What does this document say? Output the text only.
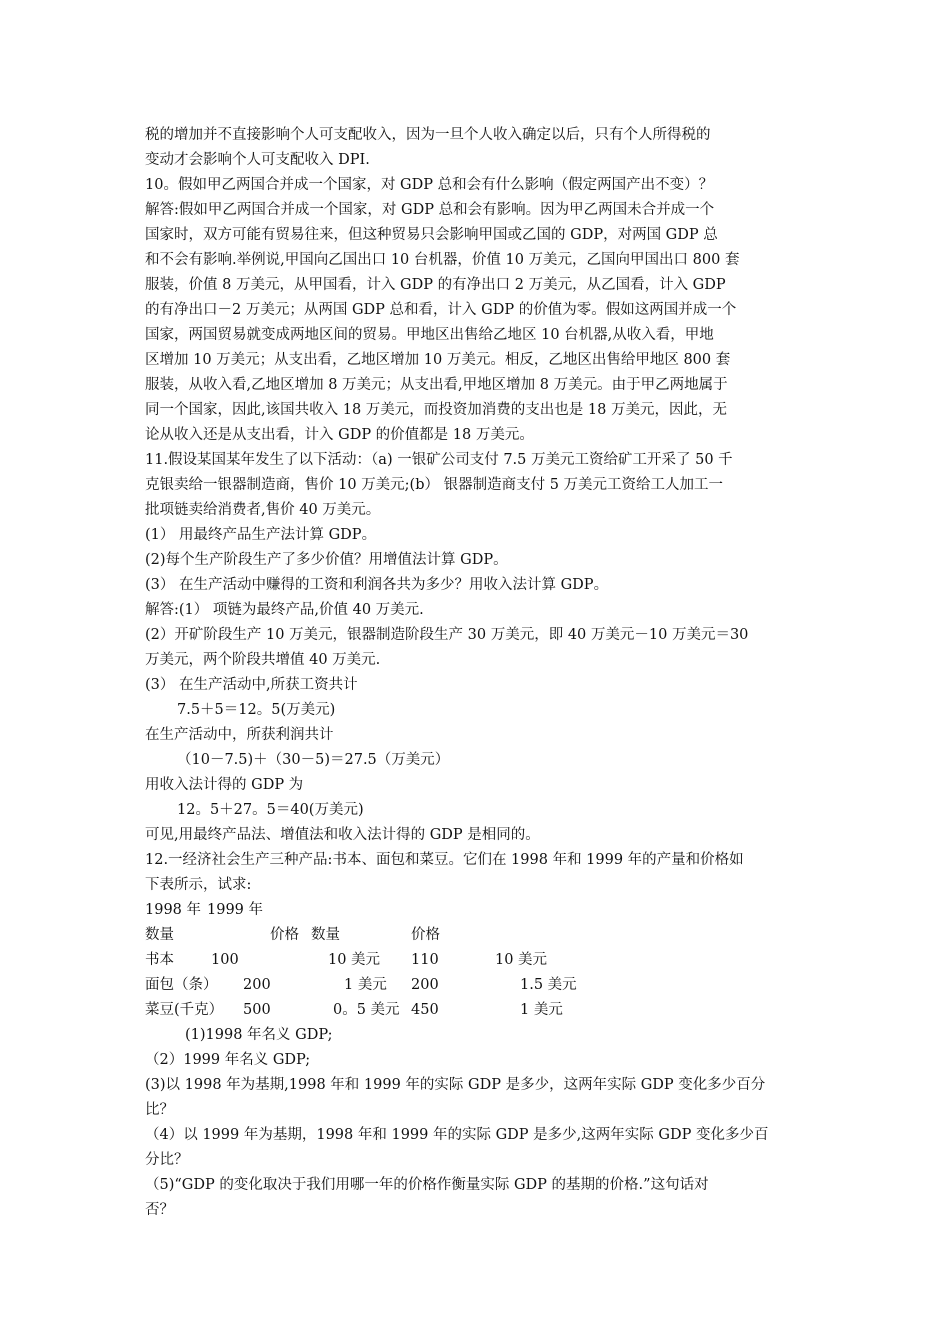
税的增加并不直接影响个人可支配收入，因为一旦个人收入确定以后，只有个人所得税的
变动才会影响个人可支配收入 DPI.
10。假如甲乙两国合并成一个国家，对 GDP 总和会有什么影响（假定两国产出不变）？
解答:假如甲乙两国合并成一个国家，对 GDP 总和会有影响。因为甲乙两国未合并成一个
国家时，双方可能有贸易往来，但这种贸易只会影响甲国或乙国的 GDP，对两国 GDP 总
和不会有影响.举例说,甲国向乙国出口 10 台机器，价值 10 万美元，乙国向甲国出口 800 套
服装，价值 8 万美元，从甲国看，计入 GDP 的有净出口 2 万美元，从乙国看，计入 GDP
的有净出口－2 万美元；从两国 GDP 总和看，计入 GDP 的价值为零。假如这两国并成一个
国家，两国贸易就变成两地区间的贸易。甲地区出售给乙地区 10 台机器,从收入看，甲地
区增加 10 万美元；从支出看，乙地区增加 10 万美元。相反，乙地区出售给甲地区 800 套
服装，从收入看,乙地区增加 8 万美元；从支出看,甲地区增加 8 万美元。由于甲乙两地属于
同一个国家，因此,该国共收入 18 万美元，而投资加消费的支出也是 18 万美元，因此，无
论从收入还是从支出看，计入 GDP 的价值都是 18 万美元。
11.假设某国某年发生了以下活动：（a) 一银矿公司支付 7.5 万美元工资给矿工开采了 50 千
克银卖给一银器制造商，售价 10 万美元;(b） 银器制造商支付 5 万美元工资给工人加工一
批项链卖给消费者,售价 40 万美元。
(1） 用最终产品生产法计算 GDP。
(2)每个生产阶段生产了多少价值？用增值法计算 GDP。
(3） 在生产活动中赚得的工资和利润各共为多少？用收入法计算 GDP。
解答:(1） 项链为最终产品,价值 40 万美元.
(2）开矿阶段生产 10 万美元，银器制造阶段生产 30 万美元，即 40 万美元－10 万美元＝30
万美元，两个阶段共增值 40 万美元.
(3） 在生产活动中,所获工资共计
7.5＋5＝12。5(万美元)
在生产活动中，所获利润共计
（10－7.5)＋（30－5)＝27.5（万美元）
用收入法计得的 GDP 为
12。5＋27。5＝40(万美元)
可见,用最终产品法、增值法和收入法计得的 GDP 是相同的。
12.一经济社会生产三种产品:书本、面包和菜豆。它们在 1998 年和 1999 年的产量和价格如
下表所示，试求:
1998 年 1999 年
数量	价格 数量	价格
书本	100	10 美元 110	10 美元
面包（条） 200	1 美元 200	1.5 美元
菜豆(千克） 500	0。5 美元 450	1 美元
(1)1998 年名义 GDP;
（2）1999 年名义 GDP;
(3)以 1998 年为基期,1998 年和 1999 年的实际 GDP 是多少，这两年实际 GDP 变化多少百分
比？
（4）以 1999 年为基期，1998 年和 1999 年的实际 GDP 是多少,这两年实际 GDP 变化多少百
分比？
（5)“GDP 的变化取决于我们用哪一年的价格作衡量实际 GDP 的基期的价格.”这句话对
否？
